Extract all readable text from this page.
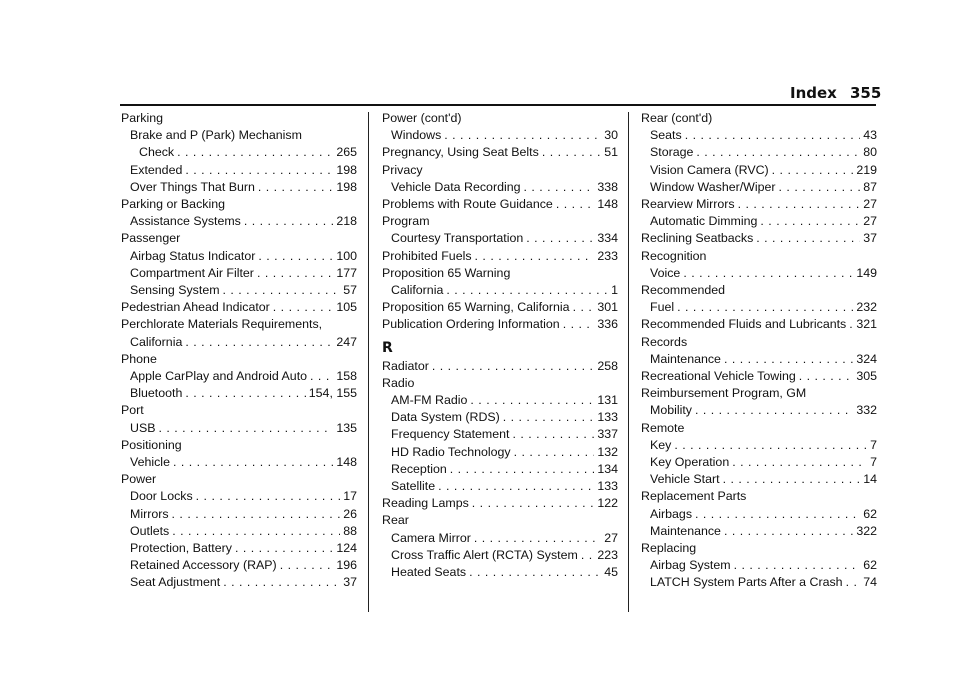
Index 355
Parking
Brake and P (Park) Mechanism
Check . . .	265
Extended . . .	198
Over Things That Burn . . .	198
Parking or Backing
Assistance Systems . . .	218
Passenger
Airbag Status Indicator . . .	100
Compartment Air Filter . . .	177
Sensing System . . .	57
Pedestrian Ahead Indicator . . .	105
Perchlorate Materials Requirements,
California . . .	247
Phone
Apple CarPlay and Android Auto . . . 158
Bluetooth . . .	154, 155
Port
USB . . .	135
Positioning
Vehicle . . .	148
Power
Door Locks . . .	17
Mirrors . . .	26
Outlets . . .	88
Protection, Battery . . .	124
Retained Accessory (RAP) . . .	196
Seat Adjustment . . .	37
Power (cont'd)
Windows . . .	30
Pregnancy, Using Seat Belts . . .	51
Privacy
Vehicle Data Recording . . .	338
Problems with Route Guidance . . .	148
Program
Courtesy Transportation . . .	334
Prohibited Fuels . . .	233
Proposition 65 Warning
California . . .	1
Proposition 65 Warning, California . . . 301
Publication Ordering Information . . .	336
R
Radiator . . .	258
Radio
AM-FM Radio . . .	131
Data System (RDS) . . .	133
Frequency Statement . . .	337
HD Radio Technology . . .	132
Reception . . .	134
Satellite . . .	133
Reading Lamps . . .	122
Rear
Camera Mirror . . .	27
Cross Traffic Alert (RCTA) System . . . 223
Heated Seats . . .	45
Rear (cont'd)
Seats . . .	43
Storage . . .	80
Vision Camera (RVC) . . .	219
Window Washer/Wiper . . .	87
Rearview Mirrors . . .	27
Automatic Dimming . . .	27
Reclining Seatbacks . . .	37
Recognition
Voice . . .	149
Recommended
Fuel . . .	232
Recommended Fluids and Lubricants . . . 321
Records
Maintenance . . .	324
Recreational Vehicle Towing . . .	305
Reimbursement Program, GM
Mobility . . .	332
Remote
Key . . .	7
Key Operation . . .	7
Vehicle Start . . .	14
Replacement Parts
Airbags . . .	62
Maintenance . . .	322
Replacing
Airbag System . . .	62
LATCH System Parts After a Crash . . . 74
